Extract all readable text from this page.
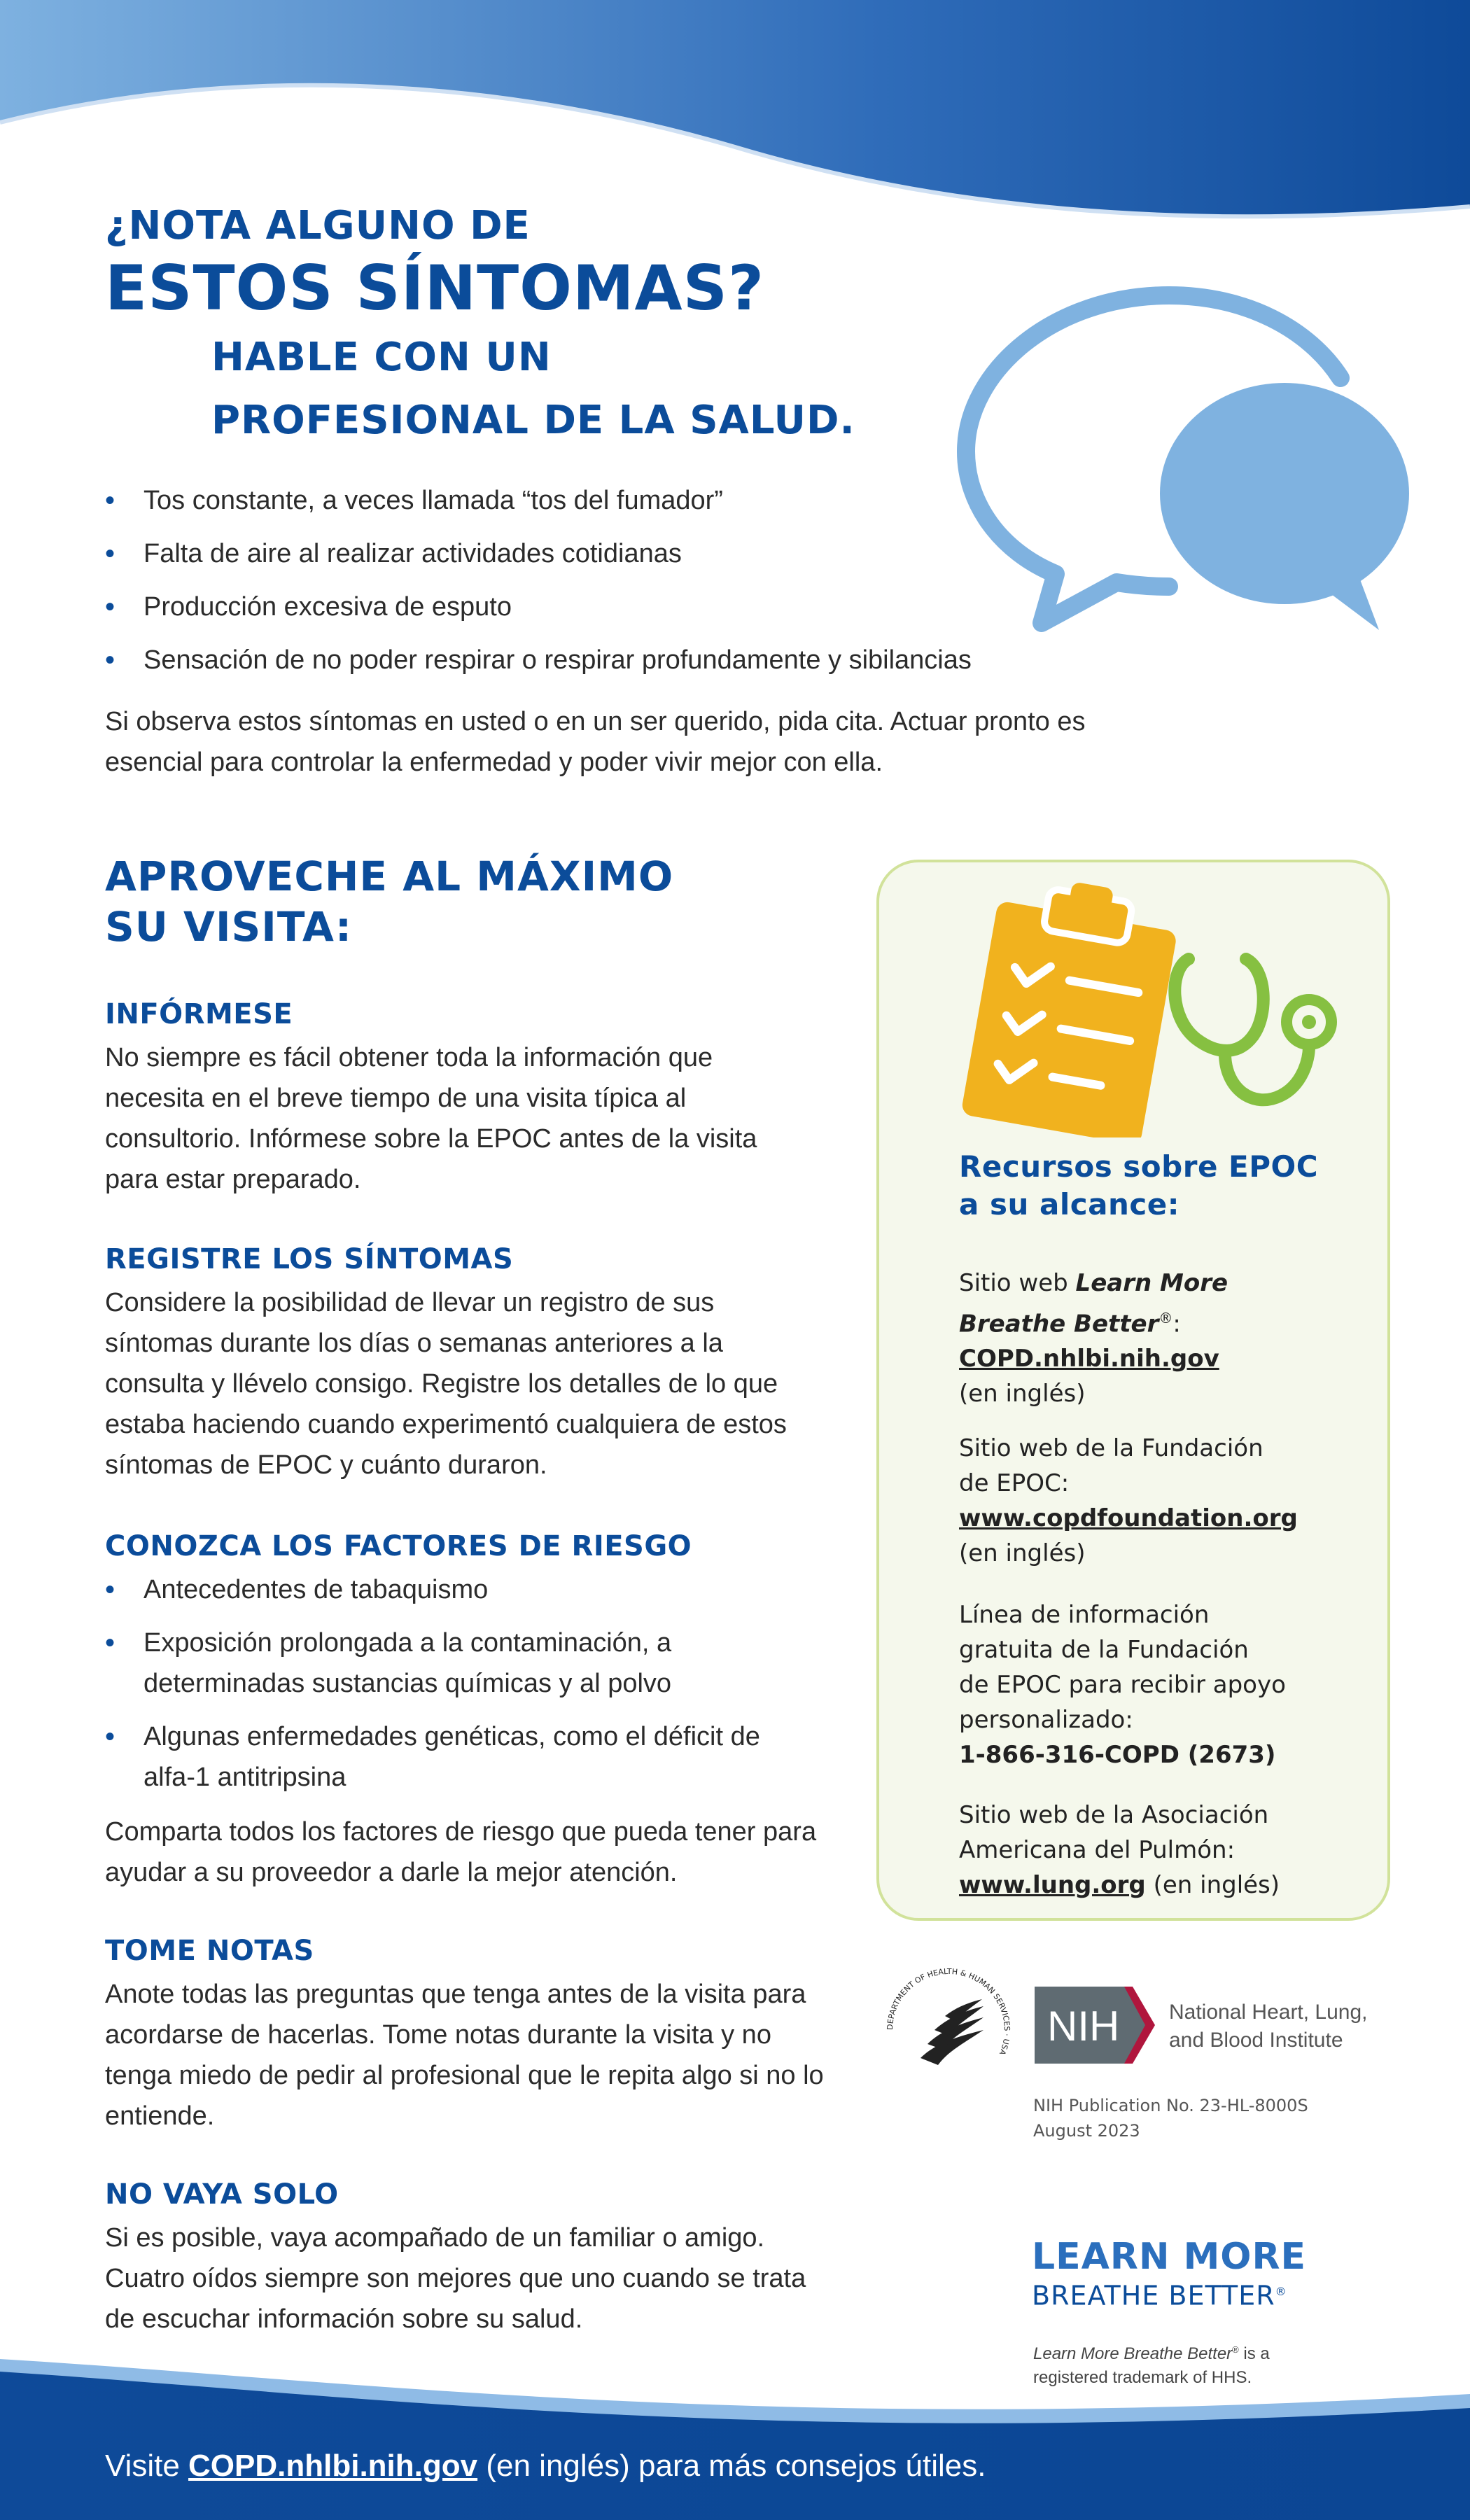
¿NOTA ALGUNO DE
ESTOS SÍNTOMAS?
HABLE CON UN
PROFESIONAL DE LA SALUD.
• Tos constante, a veces llamada “tos del fumador”
• Falta de aire al realizar actividades cotidianas
• Producción excesiva de esputo
• Sensación de no poder respirar o respirar profundamente y sibilancias
Si observa estos síntomas en usted o en un ser querido, pida cita. Actuar pronto es esencial para controlar la enfermedad y poder vivir mejor con ella.
APROVECHE AL MÁXIMO
SU VISITA:
INFÓRMESE
No siempre es fácil obtener toda la información que necesita en el breve tiempo de una visita típica al consultorio. Infórmese sobre la EPOC antes de la visita para estar preparado.
REGISTRE LOS SÍNTOMAS
Considere la posibilidad de llevar un registro de sus síntomas durante los días o semanas anteriores a la consulta y llévelo consigo. Registre los detalles de lo que estaba haciendo cuando experimentó cualquiera de estos síntomas de EPOC y cuánto duraron.
CONOZCA LOS FACTORES DE RIESGO
• Antecedentes de tabaquismo
• Exposición prolongada a la contaminación, a determinadas sustancias químicas y al polvo
• Algunas enfermedades genéticas, como el déficit de alfa-1 antitripsina
Comparta todos los factores de riesgo que pueda tener para ayudar a su proveedor a darle la mejor atención.
TOME NOTAS
Anote todas las preguntas que tenga antes de la visita para acordarse de hacerlas. Tome notas durante la visita y no tenga miedo de pedir al profesional que le repita algo si no lo entiende.
NO VAYA SOLO
Si es posible, vaya acompañado de un familiar o amigo. Cuatro oídos siempre son mejores que uno cuando se trata de escuchar información sobre su salud.
Recursos sobre EPOC
a su alcance:
Sitio web Learn More
Breathe Better®:
COPD.nhlbi.nih.gov
(en inglés)
Sitio web de la Fundación
de EPOC:
www.copdfoundation.org
(en inglés)
Línea de información
gratuita de la Fundación
de EPOC para recibir apoyo
personalizado:
1-866-316-COPD (2673)
Sitio web de la Asociación
Americana del Pulmón:
www.lung.org (en inglés)
DEPARTMENT OF HEALTH & HUMAN SERVICES · USA
NIH National Heart, Lung,
and Blood Institute
NIH Publication No. 23-HL-8000S
August 2023
LEARN MORE
BREATHE BETTER®
Learn More Breathe Better® is a
registered trademark of HHS.
Visite COPD.nhlbi.nih.gov (en inglés) para más consejos útiles.
